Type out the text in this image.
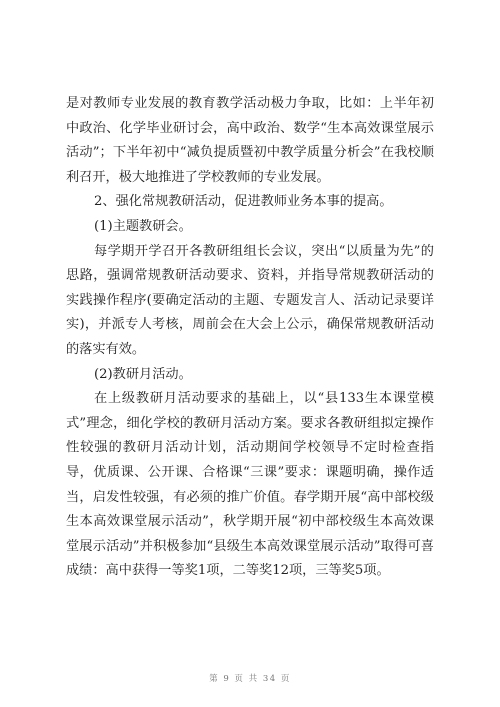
是对教师专业发展的教育教学活动极力争取，比如：上半年初中政治、化学毕业研讨会，高中政治、数学“生本高效课堂展示活动”；下半年初中“减负提质暨初中教学质量分析会”在我校顺利召开，极大地推进了学校教师的专业发展。

2、强化常规教研活动，促进教师业务本事的提高。

(1)主题教研会。

每学期开学召开各教研组组长会议，突出“以质量为先”的思路，强调常规教研活动要求、资料，并指导常规教研活动的实践操作程序(要确定活动的主题、专题发言人、活动记录要详实)，并派专人考核，周前会在大会上公示，确保常规教研活动的落实有效。

(2)教研月活动。

在上级教研月活动要求的基础上，以“县133生本课堂模式”理念，细化学校的教研月活动方案。要求各教研组拟定操作性较强的教研月活动计划，活动期间学校领导不定时检查指导，优质课、公开课、合格课“三课”要求：课题明确，操作适当，启发性较强，有必须的推广价值。春学期开展“高中部校级生本高效课堂展示活动”，秋学期开展“初中部校级生本高效课堂展示活动”并积极参加“县级生本高效课堂展示活动”取得可喜成绩：高中获得一等奖1项，二等奖12项，三等奖5项。

第 9 页 共 34 页
